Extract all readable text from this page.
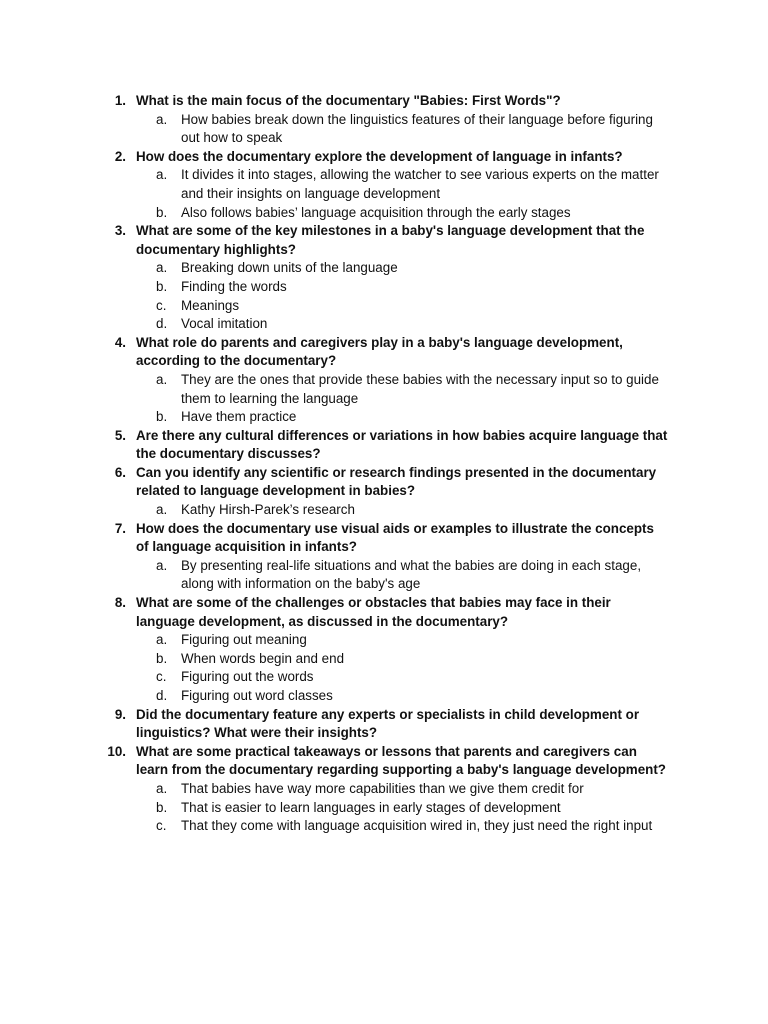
1. What is the main focus of the documentary "Babies: First Words"?
a.	How babies break down the linguistics features of their language before figuring out how to speak
2. How does the documentary explore the development of language in infants?
a.	It divides it into stages, allowing the watcher to see various experts on the matter and their insights on language development
b.	Also follows babies’ language acquisition through the early stages
3. What are some of the key milestones in a baby's language development that the documentary highlights?
a.	Breaking down units of the language
b.	Finding the words
c.	Meanings
d.	Vocal imitation
4. What role do parents and caregivers play in a baby's language development, according to the documentary?
a.	They are the ones that provide these babies with the necessary input so to guide them to learning the language
b.	Have them practice
5. Are there any cultural differences or variations in how babies acquire language that the documentary discusses?
6. Can you identify any scientific or research findings presented in the documentary related to language development in babies?
a.	Kathy Hirsh-Parek’s research
7. How does the documentary use visual aids or examples to illustrate the concepts of language acquisition in infants?
a.	By presenting real-life situations and what the babies are doing in each stage, along with information on the baby's age
8. What are some of the challenges or obstacles that babies may face in their language development, as discussed in the documentary?
a.	Figuring out meaning
b.	When words begin and end
c.	Figuring out the words
d.	Figuring out word classes
9. Did the documentary feature any experts or specialists in child development or linguistics? What were their insights?
10. What are some practical takeaways or lessons that parents and caregivers can learn from the documentary regarding supporting a baby's language development?
a.	That babies have way more capabilities than we give them credit for
b.	That is easier to learn languages in early stages of development
c.	That they come with language acquisition wired in, they just need the right input
